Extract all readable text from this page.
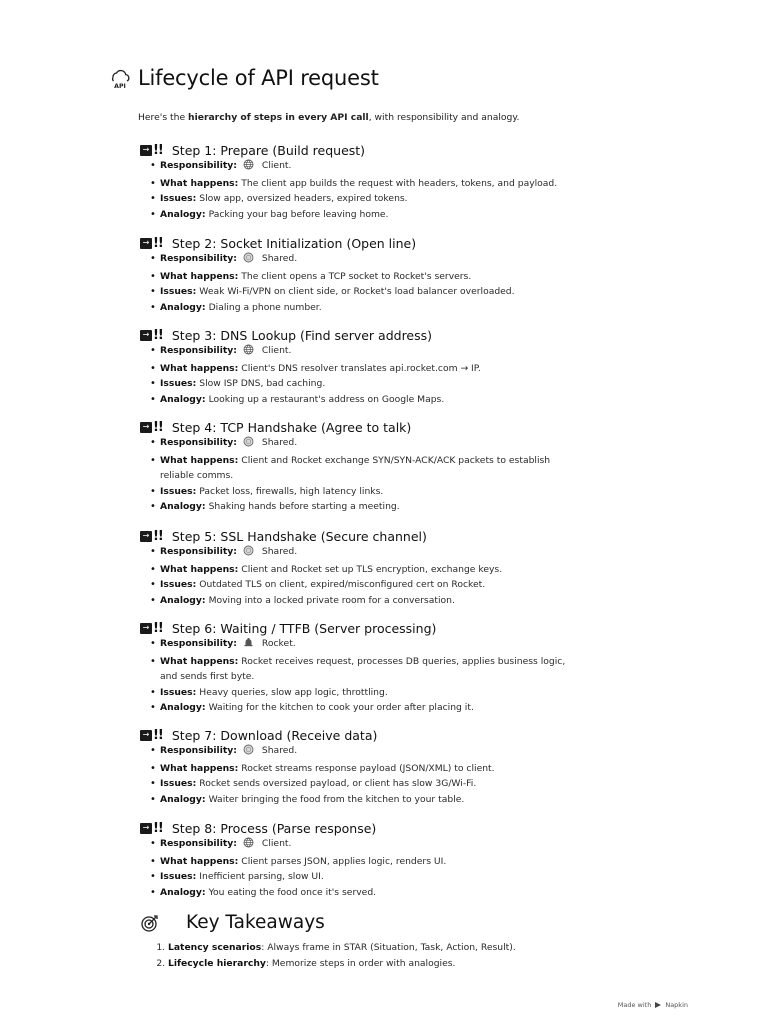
API Lifecycle of API request
Here's the hierarchy of steps in every API call, with responsibility and analogy.
→ !! Step 1: Prepare (Build request)
• Responsibility:	Client.
• What happens: The client app builds the request with headers, tokens, and payload.
• Issues: Slow app, oversized headers, expired tokens.
• Analogy: Packing your bag before leaving home.
→ !! Step 2: Socket Initialization (Open line)
• Responsibility:	Shared.
• What happens: The client opens a TCP socket to Rocket's servers.
• Issues: Weak Wi-Fi/VPN on client side, or Rocket's load balancer overloaded.
• Analogy: Dialing a phone number.
→ !! Step 3: DNS Lookup (Find server address)
• Responsibility:	Client.
• What happens: Client's DNS resolver translates api.rocket.com → IP.
• Issues: Slow ISP DNS, bad caching.
• Analogy: Looking up a restaurant's address on Google Maps.
→ !! Step 4: TCP Handshake (Agree to talk)
• Responsibility:	Shared.
• What happens: Client and Rocket exchange SYN/SYN-ACK/ACK packets to establish
reliable comms.
• Issues: Packet loss, firewalls, high latency links.
• Analogy: Shaking hands before starting a meeting.
→ !! Step 5: SSL Handshake (Secure channel)
• Responsibility:	Shared.
• What happens: Client and Rocket set up TLS encryption, exchange keys.
• Issues: Outdated TLS on client, expired/misconfigured cert on Rocket.
• Analogy: Moving into a locked private room for a conversation.
→ !! Step 6: Waiting / TTFB (Server processing)
• Responsibility:	Rocket.
• What happens: Rocket receives request, processes DB queries, applies business logic,
and sends first byte.
• Issues: Heavy queries, slow app logic, throttling.
• Analogy: Waiting for the kitchen to cook your order after placing it.
→ !! Step 7: Download (Receive data)
• Responsibility:	Shared.
• What happens: Rocket streams response payload (JSON/XML) to client.
• Issues: Rocket sends oversized payload, or client has slow 3G/Wi-Fi.
• Analogy: Waiter bringing the food from the kitchen to your table.
→ !! Step 8: Process (Parse response)
• Responsibility:	Client.
• What happens: Client parses JSON, applies logic, renders UI.
• Issues: Inefficient parsing, slow UI.
• Analogy: You eating the food once it's served.
Key Takeaways
1. Latency scenarios: Always frame in STAR (Situation, Task, Action, Result).
2. Lifecycle hierarchy: Memorize steps in order with analogies.
Made with Napkin
